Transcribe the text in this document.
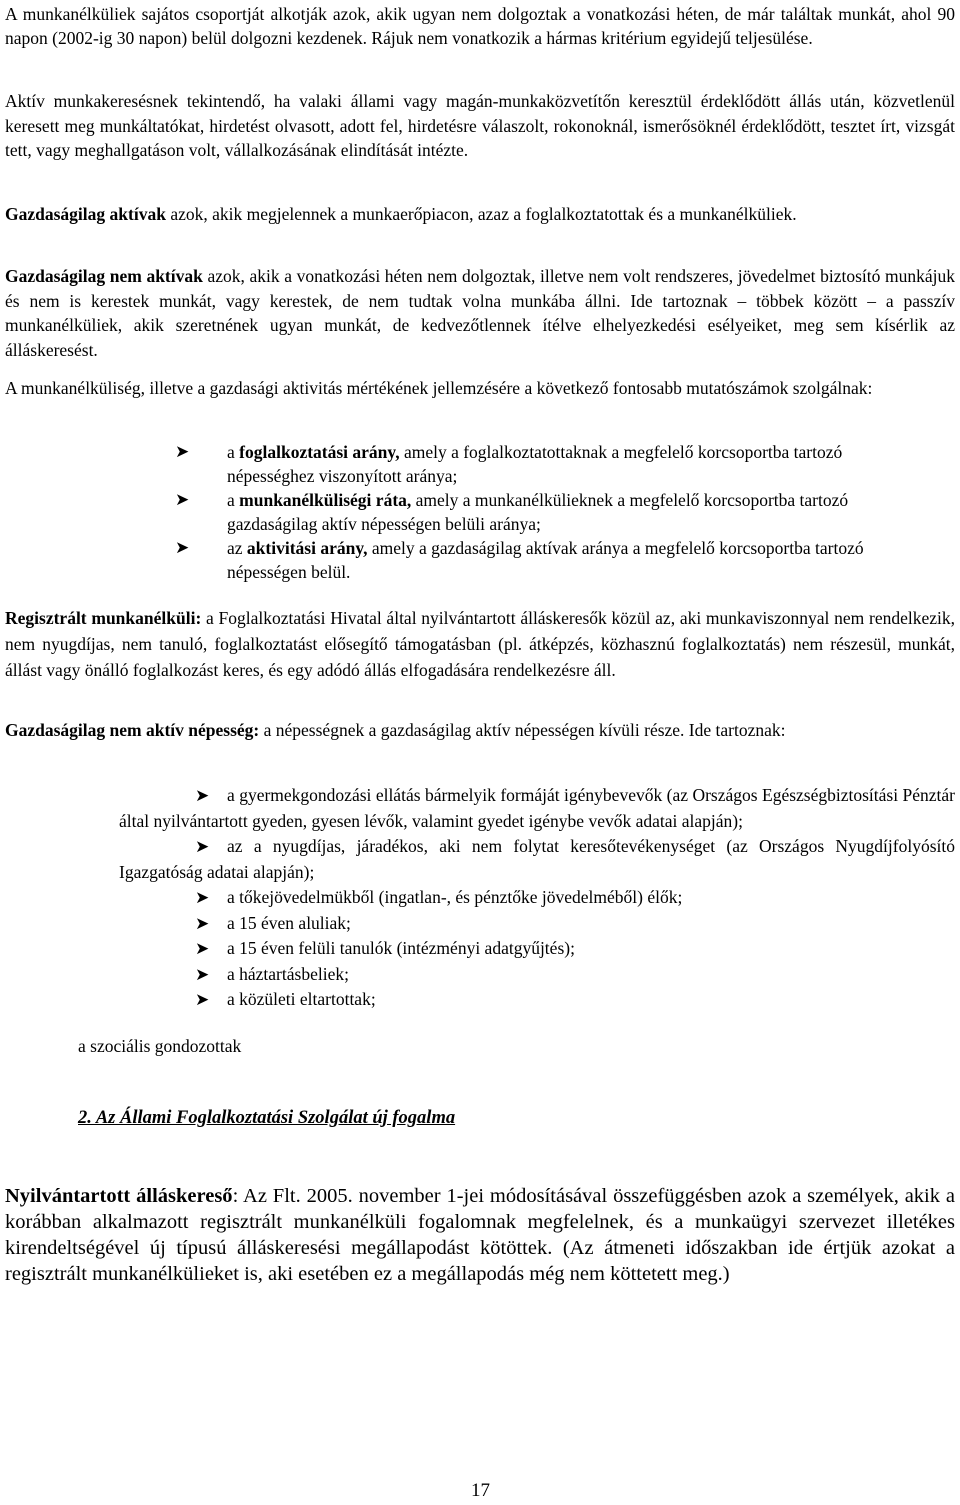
A munkanélküliek sajátos csoportját alkotják azok, akik ugyan nem dolgoztak a vonatkozási héten, de már találtak munkát, ahol 90 napon (2002-ig 30 napon) belül dolgozni kezdenek. Rájuk nem vonatkozik a hármas kritérium egyidejű teljesülése.

Aktív munkakeresésnek tekintendő, ha valaki állami vagy magán-munkaközvetítőn keresztül érdeklődött állás után, közvetlenül keresett meg munkáltatókat, hirdetést olvasott, adott fel, hirdetésre válaszolt, rokonoknál, ismerősöknél érdeklődött, tesztet írt, vizsgát tett, vagy meghallgatáson volt, vállalkozásának elindítását intézte.

Gazdaságilag aktívak azok, akik megjelennek a munkaerőpiacon, azaz a foglalkoztatottak és a munkanélküliek.

Gazdaságilag nem aktívak azok, akik a vonatkozási héten nem dolgoztak, illetve nem volt rendszeres, jövedelmet biztosító munkájuk és nem is kerestek munkát, vagy kerestek, de nem tudtak volna munkába állni. Ide tartoznak – többek között – a passzív munkanélküliek, akik szeretnének ugyan munkát, de kedvezőtlennek ítélve elhelyezkedési esélyeiket, meg sem kísérlik az álláskeresést.

A munkanélküliség, illetve a gazdasági aktivitás mértékének jellemzésére a következő fontosabb mutatószámok szolgálnak:

➤ a foglalkoztatási arány, amely a foglalkoztatottaknak a megfelelő korcsoportba tartozó népességhez viszonyított aránya;
➤ a munkanélküliségi ráta, amely a munkanélkülieknek a megfelelő korcsoportba tartozó gazdaságilag aktív népességen belüli aránya;
➤ az aktivitási arány, amely a gazdaságilag aktívak aránya a megfelelő korcsoportba tartozó népességen belül.

Regisztrált munkanélküli: a Foglalkoztatási Hivatal által nyilvántartott álláskeresők közül az, aki munkaviszonnyal nem rendelkezik, nem nyugdíjas, nem tanuló, foglalkoztatást elősegítő támogatásban (pl. átképzés, közhasznú foglalkoztatás) nem részesül, munkát, állást vagy önálló foglalkozást keres, és egy adódó állás elfogadására rendelkezésre áll.

Gazdaságilag nem aktív népesség: a népességnek a gazdaságilag aktív népességen kívüli része. Ide tartoznak:

➤	a gyermekgondozási ellátás bármelyik formáját igénybevevők (az Országos Egészségbiztosítási Pénztár által nyilvántartott gyeden, gyesen lévők, valamint gyedet igénybe vevők adatai alapján);

➤	az a nyugdíjas, járadékos, aki nem folytat keresőtevékenységet (az Országos Nyugdíjfolyósító Igazgatóság adatai alapján);

➤ a tőkejövedelmükből (ingatlan-, és pénztőke jövedelméből) élők;
➤ a 15 éven aluliak;
➤ a 15 éven felüli tanulók (intézményi adatgyűjtés);
➤ a háztartásbeliek;
➤ a közületi eltartottak;
a szociális gondozottak
2. Az Állami Foglalkoztatási Szolgálat új fogalma

Nyilvántartott álláskereső: Az Flt. 2005. november 1-jei módosításával összefüggésben azok a személyek, akik a korábban alkalmazott regisztrált munkanélküli fogalomnak megfelelnek, és a munkaügyi szervezet illetékes kirendeltségével új típusú álláskeresési megállapodást kötöttek. (Az átmeneti időszakban ide értjük azokat a regisztrált munkanélkülieket is, aki esetében ez a megállapodás még nem köttetett meg.)

17
